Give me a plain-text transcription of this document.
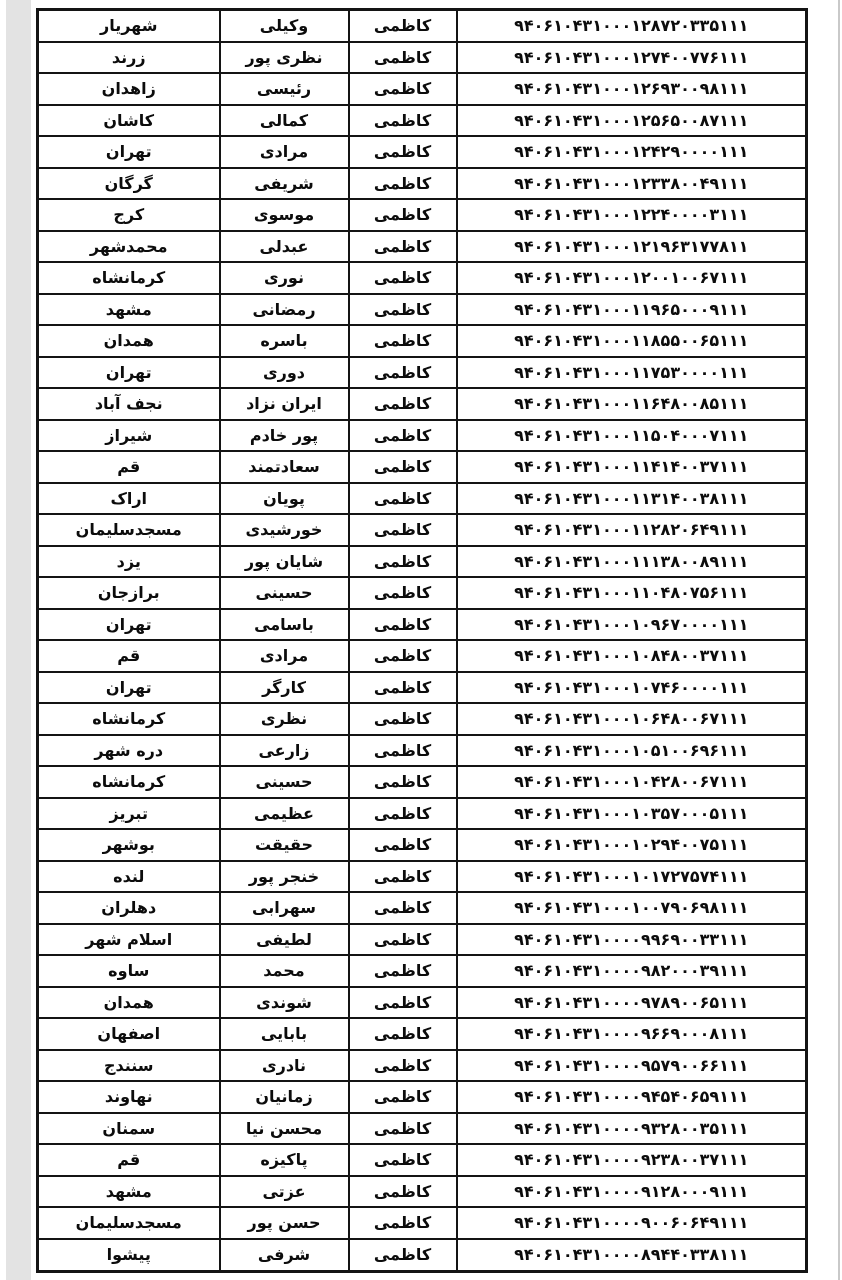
شهریار	وکیلی	کاظمی	۹۴۰۶۱۰۴۳۱۰۰۰۱۲۸۷۲۰۳۳۵۱۱۱
زرند	نظری پور	کاظمی	۹۴۰۶۱۰۴۳۱۰۰۰۱۲۷۴۰۰۷۷۶۱۱۱
زاهدان	رئیسی	کاظمی	۹۴۰۶۱۰۴۳۱۰۰۰۱۲۶۹۳۰۰۹۸۱۱۱
کاشان	کمالی	کاظمی	۹۴۰۶۱۰۴۳۱۰۰۰۱۲۵۶۵۰۰۸۷۱۱۱
تهران	مرادی	کاظمی	۹۴۰۶۱۰۴۳۱۰۰۰۱۲۴۲۹۰۰۰۰۱۱۱
گرگان	شریفی	کاظمی	۹۴۰۶۱۰۴۳۱۰۰۰۱۲۳۳۸۰۰۴۹۱۱۱
کرج	موسوی	کاظمی	۹۴۰۶۱۰۴۳۱۰۰۰۱۲۲۴۰۰۰۰۳۱۱۱
محمدشهر	عبدلی	کاظمی	۹۴۰۶۱۰۴۳۱۰۰۰۱۲۱۹۶۳۱۷۷۸۱۱
کرمانشاه	نوری	کاظمی	۹۴۰۶۱۰۴۳۱۰۰۰۱۲۰۰۱۰۰۶۷۱۱۱
مشهد	رمضانی	کاظمی	۹۴۰۶۱۰۴۳۱۰۰۰۱۱۹۶۵۰۰۰۹۱۱۱
همدان	باسره	کاظمی	۹۴۰۶۱۰۴۳۱۰۰۰۱۱۸۵۵۰۰۶۵۱۱۱
تهران	دوری	کاظمی	۹۴۰۶۱۰۴۳۱۰۰۰۱۱۷۵۳۰۰۰۰۱۱۱
نجف آباد	ایران نزاد	کاظمی	۹۴۰۶۱۰۴۳۱۰۰۰۱۱۶۴۸۰۰۸۵۱۱۱
شیراز	پور خادم	کاظمی	۹۴۰۶۱۰۴۳۱۰۰۰۱۱۵۰۴۰۰۰۷۱۱۱
قم	سعادتمند	کاظمی	۹۴۰۶۱۰۴۳۱۰۰۰۱۱۴۱۴۰۰۳۷۱۱۱
اراک	پویان	کاظمی	۹۴۰۶۱۰۴۳۱۰۰۰۱۱۳۱۴۰۰۳۸۱۱۱
مسجدسلیمان	خورشیدی	کاظمی	۹۴۰۶۱۰۴۳۱۰۰۰۱۱۲۸۲۰۶۴۹۱۱۱
یزد	شایان پور	کاظمی	۹۴۰۶۱۰۴۳۱۰۰۰۱۱۱۳۸۰۰۸۹۱۱۱
برازجان	حسینی	کاظمی	۹۴۰۶۱۰۴۳۱۰۰۰۱۱۰۴۸۰۷۵۶۱۱۱
تهران	باسامی	کاظمی	۹۴۰۶۱۰۴۳۱۰۰۰۱۰۹۶۷۰۰۰۰۱۱۱
قم	مرادی	کاظمی	۹۴۰۶۱۰۴۳۱۰۰۰۱۰۸۴۸۰۰۳۷۱۱۱
تهران	کارگر	کاظمی	۹۴۰۶۱۰۴۳۱۰۰۰۱۰۷۴۶۰۰۰۰۱۱۱
کرمانشاه	نظری	کاظمی	۹۴۰۶۱۰۴۳۱۰۰۰۱۰۶۴۸۰۰۶۷۱۱۱
دره شهر	زارعی	کاظمی	۹۴۰۶۱۰۴۳۱۰۰۰۱۰۵۱۰۰۶۹۶۱۱۱
کرمانشاه	حسینی	کاظمی	۹۴۰۶۱۰۴۳۱۰۰۰۱۰۴۲۸۰۰۶۷۱۱۱
تبریز	عظیمی	کاظمی	۹۴۰۶۱۰۴۳۱۰۰۰۱۰۳۵۷۰۰۰۵۱۱۱
بوشهر	حقیقت	کاظمی	۹۴۰۶۱۰۴۳۱۰۰۰۱۰۲۹۴۰۰۷۵۱۱۱
لنده	خنجر پور	کاظمی	۹۴۰۶۱۰۴۳۱۰۰۰۱۰۱۷۲۷۵۷۴۱۱۱
دهلران	سهرابی	کاظمی	۹۴۰۶۱۰۴۳۱۰۰۰۱۰۰۷۹۰۶۹۸۱۱۱
اسلام شهر	لطیفی	کاظمی	۹۴۰۶۱۰۴۳۱۰۰۰۰۹۹۶۹۰۰۳۳۱۱۱
ساوه	محمد	کاظمی	۹۴۰۶۱۰۴۳۱۰۰۰۰۹۸۲۰۰۰۳۹۱۱۱
همدان	شوندی	کاظمی	۹۴۰۶۱۰۴۳۱۰۰۰۰۹۷۸۹۰۰۶۵۱۱۱
اصفهان	بابایی	کاظمی	۹۴۰۶۱۰۴۳۱۰۰۰۰۹۶۶۹۰۰۰۸۱۱۱
سنندج	نادری	کاظمی	۹۴۰۶۱۰۴۳۱۰۰۰۰۹۵۷۹۰۰۶۶۱۱۱
نهاوند	زمانیان	کاظمی	۹۴۰۶۱۰۴۳۱۰۰۰۰۹۴۵۴۰۶۵۹۱۱۱
سمنان	محسن نیا	کاظمی	۹۴۰۶۱۰۴۳۱۰۰۰۰۹۳۲۸۰۰۳۵۱۱۱
قم	پاکیزه	کاظمی	۹۴۰۶۱۰۴۳۱۰۰۰۰۹۲۳۸۰۰۳۷۱۱۱
مشهد	عزتی	کاظمی	۹۴۰۶۱۰۴۳۱۰۰۰۰۹۱۲۸۰۰۰۹۱۱۱
مسجدسلیمان	حسن پور	کاظمی	۹۴۰۶۱۰۴۳۱۰۰۰۰۹۰۰۶۰۶۴۹۱۱۱
پیشوا	شرفی	کاظمی	۹۴۰۶۱۰۴۳۱۰۰۰۰۸۹۴۴۰۳۳۸۱۱۱
